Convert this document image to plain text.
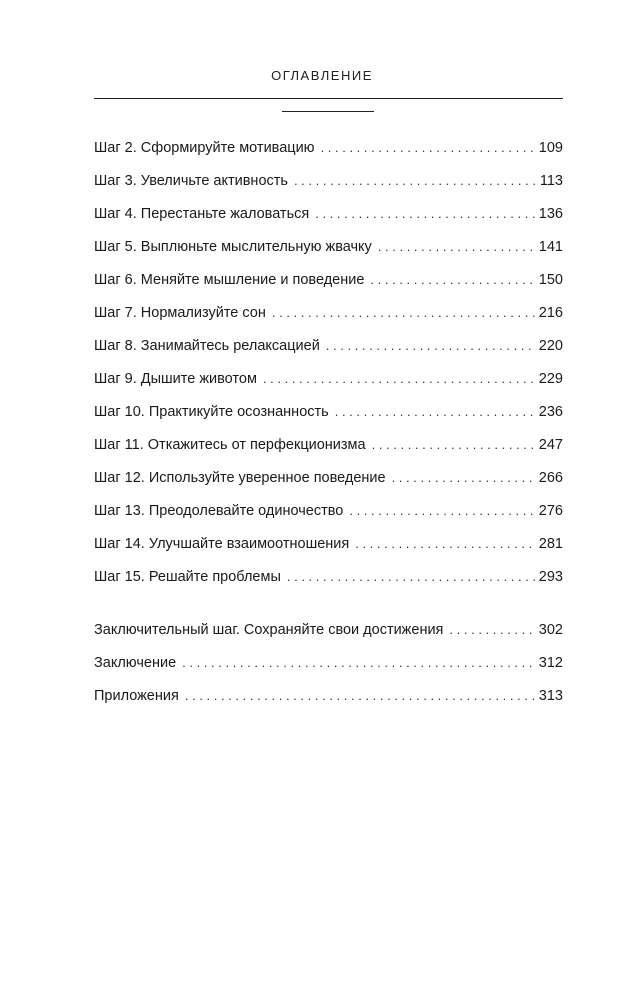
ОГЛАВЛЕНИЕ
Шаг 2. Сформируйте мотивацию . . .	109
Шаг 3. Увеличьте активность . . .	113
Шаг 4. Перестаньте жаловаться . . .	136
Шаг 5. Выплюньте мыслительную жвачку . . .	141
Шаг 6. Меняйте мышление и поведение . . .	150
Шаг 7. Нормализуйте сон . . .	216
Шаг 8. Занимайтесь релаксацией . . .	220
Шаг 9. Дышите животом . . .	229
Шаг 10. Практикуйте осознанность . . .	236
Шаг 11. Откажитесь от перфекционизма . . .	247
Шаг 12. Используйте уверенное поведение . . .	266
Шаг 13. Преодолевайте одиночество . . .	276
Шаг 14. Улучшайте взаимоотношения . . .	281
Шаг 15. Решайте проблемы . . .	293
Заключительный шаг. Сохраняйте свои достижения . . .	302
Заключение . . .	312
Приложения . . .	313
